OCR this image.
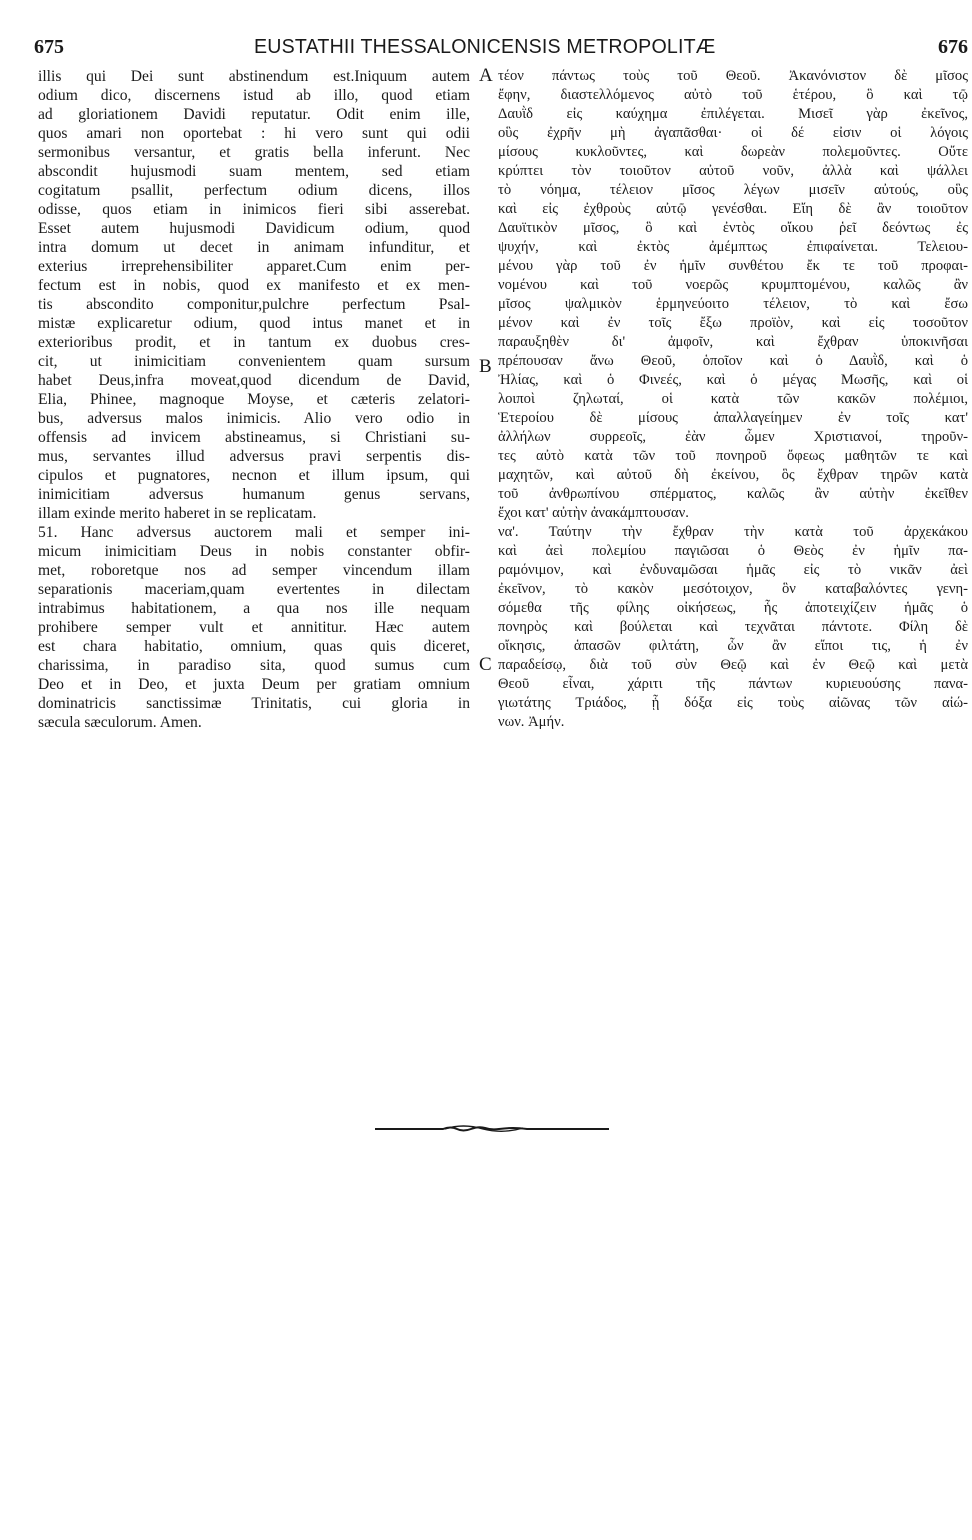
675	EUSTATHII THESSALONICENSIS METROPOLITÆ	676
illis qui Dei sunt abstinendum est.Iniquum autem
odium dico, discernens istud ab illo, quod etiam
ad gloriationem Davidi reputatur. Odit enim ille,
quos amari non oportebat : hi vero sunt qui odii
sermonibus versantur, et gratis bella inferunt. Nec
abscondit hujusmodi suam mentem, sed etiam
cogitatum psallit, perfectum odium dicens, illos
odisse, quos etiam in inimicos fieri sibi asserebat.
Esset autem hujusmodi Davidicum odium, quod
intra domum ut decet in animam infunditur, et
exterius irreprehensibiliter apparet.Cum enim per-
fectum est in nobis, quod ex manifesto et ex men-
tis abscondito componitur,pulchre perfectum Psal-
mistæ explicaretur odium, quod intus manet et in
exterioribus prodit, et in tantum ex duobus cres-
cit, ut inimicitiam convenientem quam sursum
habet Deus,infra moveat,quod dicendum de David,
Elia, Phinee, magnoque Moyse, et cæteris zelatori-
bus, adversus malos inimicis. Alio vero odio in
offensis ad invicem abstineamus, si Christiani su-
mus, servantes illud adversus pravi serpentis dis-
cipulos et pugnatores, necnon et illum ipsum, qui
inimicitiam adversus humanum genus servans,
illam exinde merito haberet in se replicatam.
51. Hanc adversus auctorem mali et semper ini-
micum inimicitiam Deus in nobis constanter obfir-
met, roboretque nos ad semper vincendum illam
separationis maceriam,quam evertentes in dilectam
intrabimus habitationem, a qua nos ille nequam
prohibere semper vult et annititur. Hæc autem
est chara habitatio, omnium, quas quis diceret,
charissima, in paradiso sita, quod sumus cum
Deo et in Deo, et juxta Deum per gratiam omnium
dominatricis sanctissimæ Trinitatis, cui gloria in
sæcula sæculorum. Amen.
τέον πάντως τοὺς τοῦ Θεοῦ. Ἀκανόνιστον δὲ μῖσος
ἔφην, διαστελλόμενος αὐτὸ τοῦ ἑτέρου, ὃ καὶ τῷ
Δαυῒδ εἰς καύχημα ἐπιλέγεται. Μισεῖ γὰρ ἐκεῖνος,
οὓς ἐχρῆν μὴ ἀγαπᾶσθαι· οἱ δέ εἰσιν οἱ λόγοις
μίσους κυκλοῦντες, καὶ δωρεὰν πολεμοῦντες. Οὔτε
κρύπτει τὸν τοιοῦτον αὐτοῦ νοῦν, ἀλλὰ καὶ ψάλλει
τὸ νόημα, τέλειον μῖσος λέγων μισεῖν αὐτούς, οὓς
καὶ εἰς ἐχθροὺς αὐτῷ γενέσθαι. Εἴη δὲ ἂν τοιοῦτον
Δαυϊτικὸν μῖσος, ὃ καὶ ἐντὸς οἴκου ῥεῖ δεόντως ἐς
ψυχήν, καὶ ἐκτὸς ἀμέμπτως ἐπιφαίνεται. Τελειου-
μένου γὰρ τοῦ ἐν ἡμῖν συνθέτου ἔκ τε τοῦ προφαι-
νομένου καὶ τοῦ νοερῶς κρυμπτομένου, καλῶς ἂν
μῖσος ψαλμικὸν ἑρμηνεύοιτο τέλειον, τὸ καὶ ἔσω
μένον καὶ ἐν τοῖς ἔξω προϊὸν, καὶ εἰς τοσοῦτον
παραυξηθὲν δι' ἀμφοῖν, καὶ ἔχθραν ὑποκινῆσαι
πρέπουσαν ἄνω Θεοῦ, ὁποῖον καὶ ὁ Δαυῒδ, καὶ ὁ
Ἠλίας, καὶ ὁ Φινεές, καὶ ὁ μέγας Μωσῆς, καὶ οἱ
λοιποὶ ζηλωταί, οἱ κατὰ τῶν κακῶν πολέμιοι,
Ἑτεροίου δὲ μίσους ἀπαλλαγείημεν ἐν τοῖς κατ'
ἀλλήλων συρρεοῖς, ἐὰν ὦμεν Χριστιανοί, τηροῦν-
τες αὐτὸ κατὰ τῶν τοῦ πονηροῦ ὄφεως μαθητῶν τε καὶ
μαχητῶν, καὶ αὐτοῦ δὴ ἐκείνου, ὃς ἔχθραν τηρῶν κατὰ
τοῦ ἀνθρωπίνου σπέρματος, καλῶς ἂν αὐτὴν ἐκεῖθεν
ἔχοι κατ' αὐτὴν ἀνακάμπτουσαν.
να'. Ταύτην τὴν ἔχθραν τὴν κατὰ τοῦ ἀρχεκάκου
καὶ ἀεὶ πολεμίου παγιῶσαι ὁ Θεὸς ἐν ἡμῖν πα-
ραμόνιμον, καὶ ἐνδυναμῶσαι ἡμᾶς εἰς τὸ νικᾶν ἀεὶ
ἐκεῖνον, τὸ κακὸν μεσότοιχον, ὃν καταβαλόντες γενη-
σόμεθα τῆς φίλης οἰκήσεως, ἧς ἀποτειχίζειν ἡμᾶς ὁ
πονηρὸς καὶ βούλεται καὶ τεχνᾶται πάντοτε. Φίλη δὲ
οἴκησις, ἁπασῶν φιλτάτη, ὧν ἂν εἴποι τις, ἡ ἐν
παραδείσῳ, διὰ τοῦ σὺν Θεῷ καὶ ἐν Θεῷ καὶ μετὰ
Θεοῦ εἶναι, χάριτι τῆς πάντων κυριευούσης πανα-
γιωτάτης Τριάδος, ᾗ δόξα εἰς τοὺς αἰῶνας τῶν αἰώ-
νων. Ἀμήν.
A
B
C
